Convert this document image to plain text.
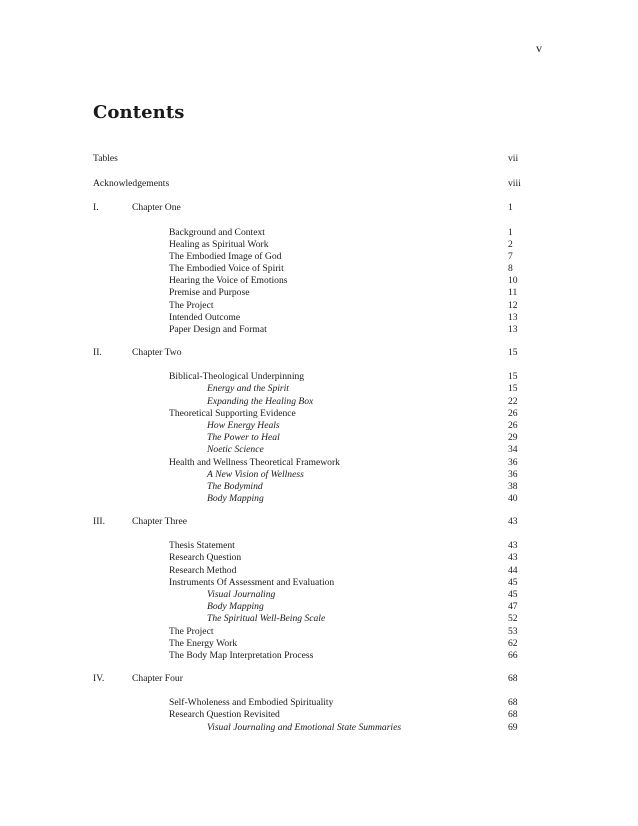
v
Contents
Tables	vii
Acknowledgements	viii
I.	Chapter One	1
Background and Context	1
Healing as Spiritual Work	2
The Embodied Image of God	7
The Embodied Voice of Spirit	8
Hearing the Voice of Emotions	10
Premise and Purpose	11
The Project	12
Intended Outcome	13
Paper Design and Format	13
II.	Chapter Two	15
Biblical-Theological Underpinning	15
Energy and the Spirit	15
Expanding the Healing Box	22
Theoretical Supporting Evidence	26
How Energy Heals	26
The Power to Heal	29
Noetic Science	34
Health and Wellness Theoretical Framework	36
A New Vision of Wellness	36
The Bodymind	38
Body Mapping	40
III.	Chapter Three	43
Thesis Statement	43
Research Question	43
Research Method	44
Instruments Of Assessment and Evaluation	45
Visual Journaling	45
Body Mapping	47
The Spiritual Well-Being Scale	52
The Project	53
The Energy Work	62
The Body Map Interpretation Process	66
IV.	Chapter Four	68
Self-Wholeness and Embodied Spirituality	68
Research Question Revisited	68
Visual Journaling and Emotional State Summaries	69
